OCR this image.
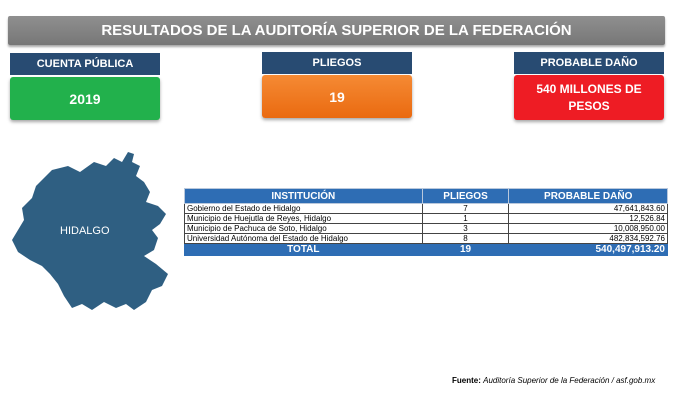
RESULTADOS DE LA AUDITORÍA SUPERIOR DE LA FEDERACIÓN
CUENTA PÚBLICA
2019
PLIEGOS
19
PROBABLE DAÑO
540 MILLONES DE PESOS
HIDALGO
INSTITUCIÓN	PLIEGOS	PROBABLE DAÑO
Gobierno del Estado de Hidalgo	7	47,641,843.60
Municipio de Huejutla de Reyes, Hidalgo	1	12,526.84
Municipio de Pachuca de Soto, Hidalgo	3	10,008,950.00
Universidad Autónoma del Estado de Hidalgo	8	482,834,592.76
TOTAL	19	540,497,913.20
Fuente: Auditoría Superior de la Federación / asf.gob.mx
